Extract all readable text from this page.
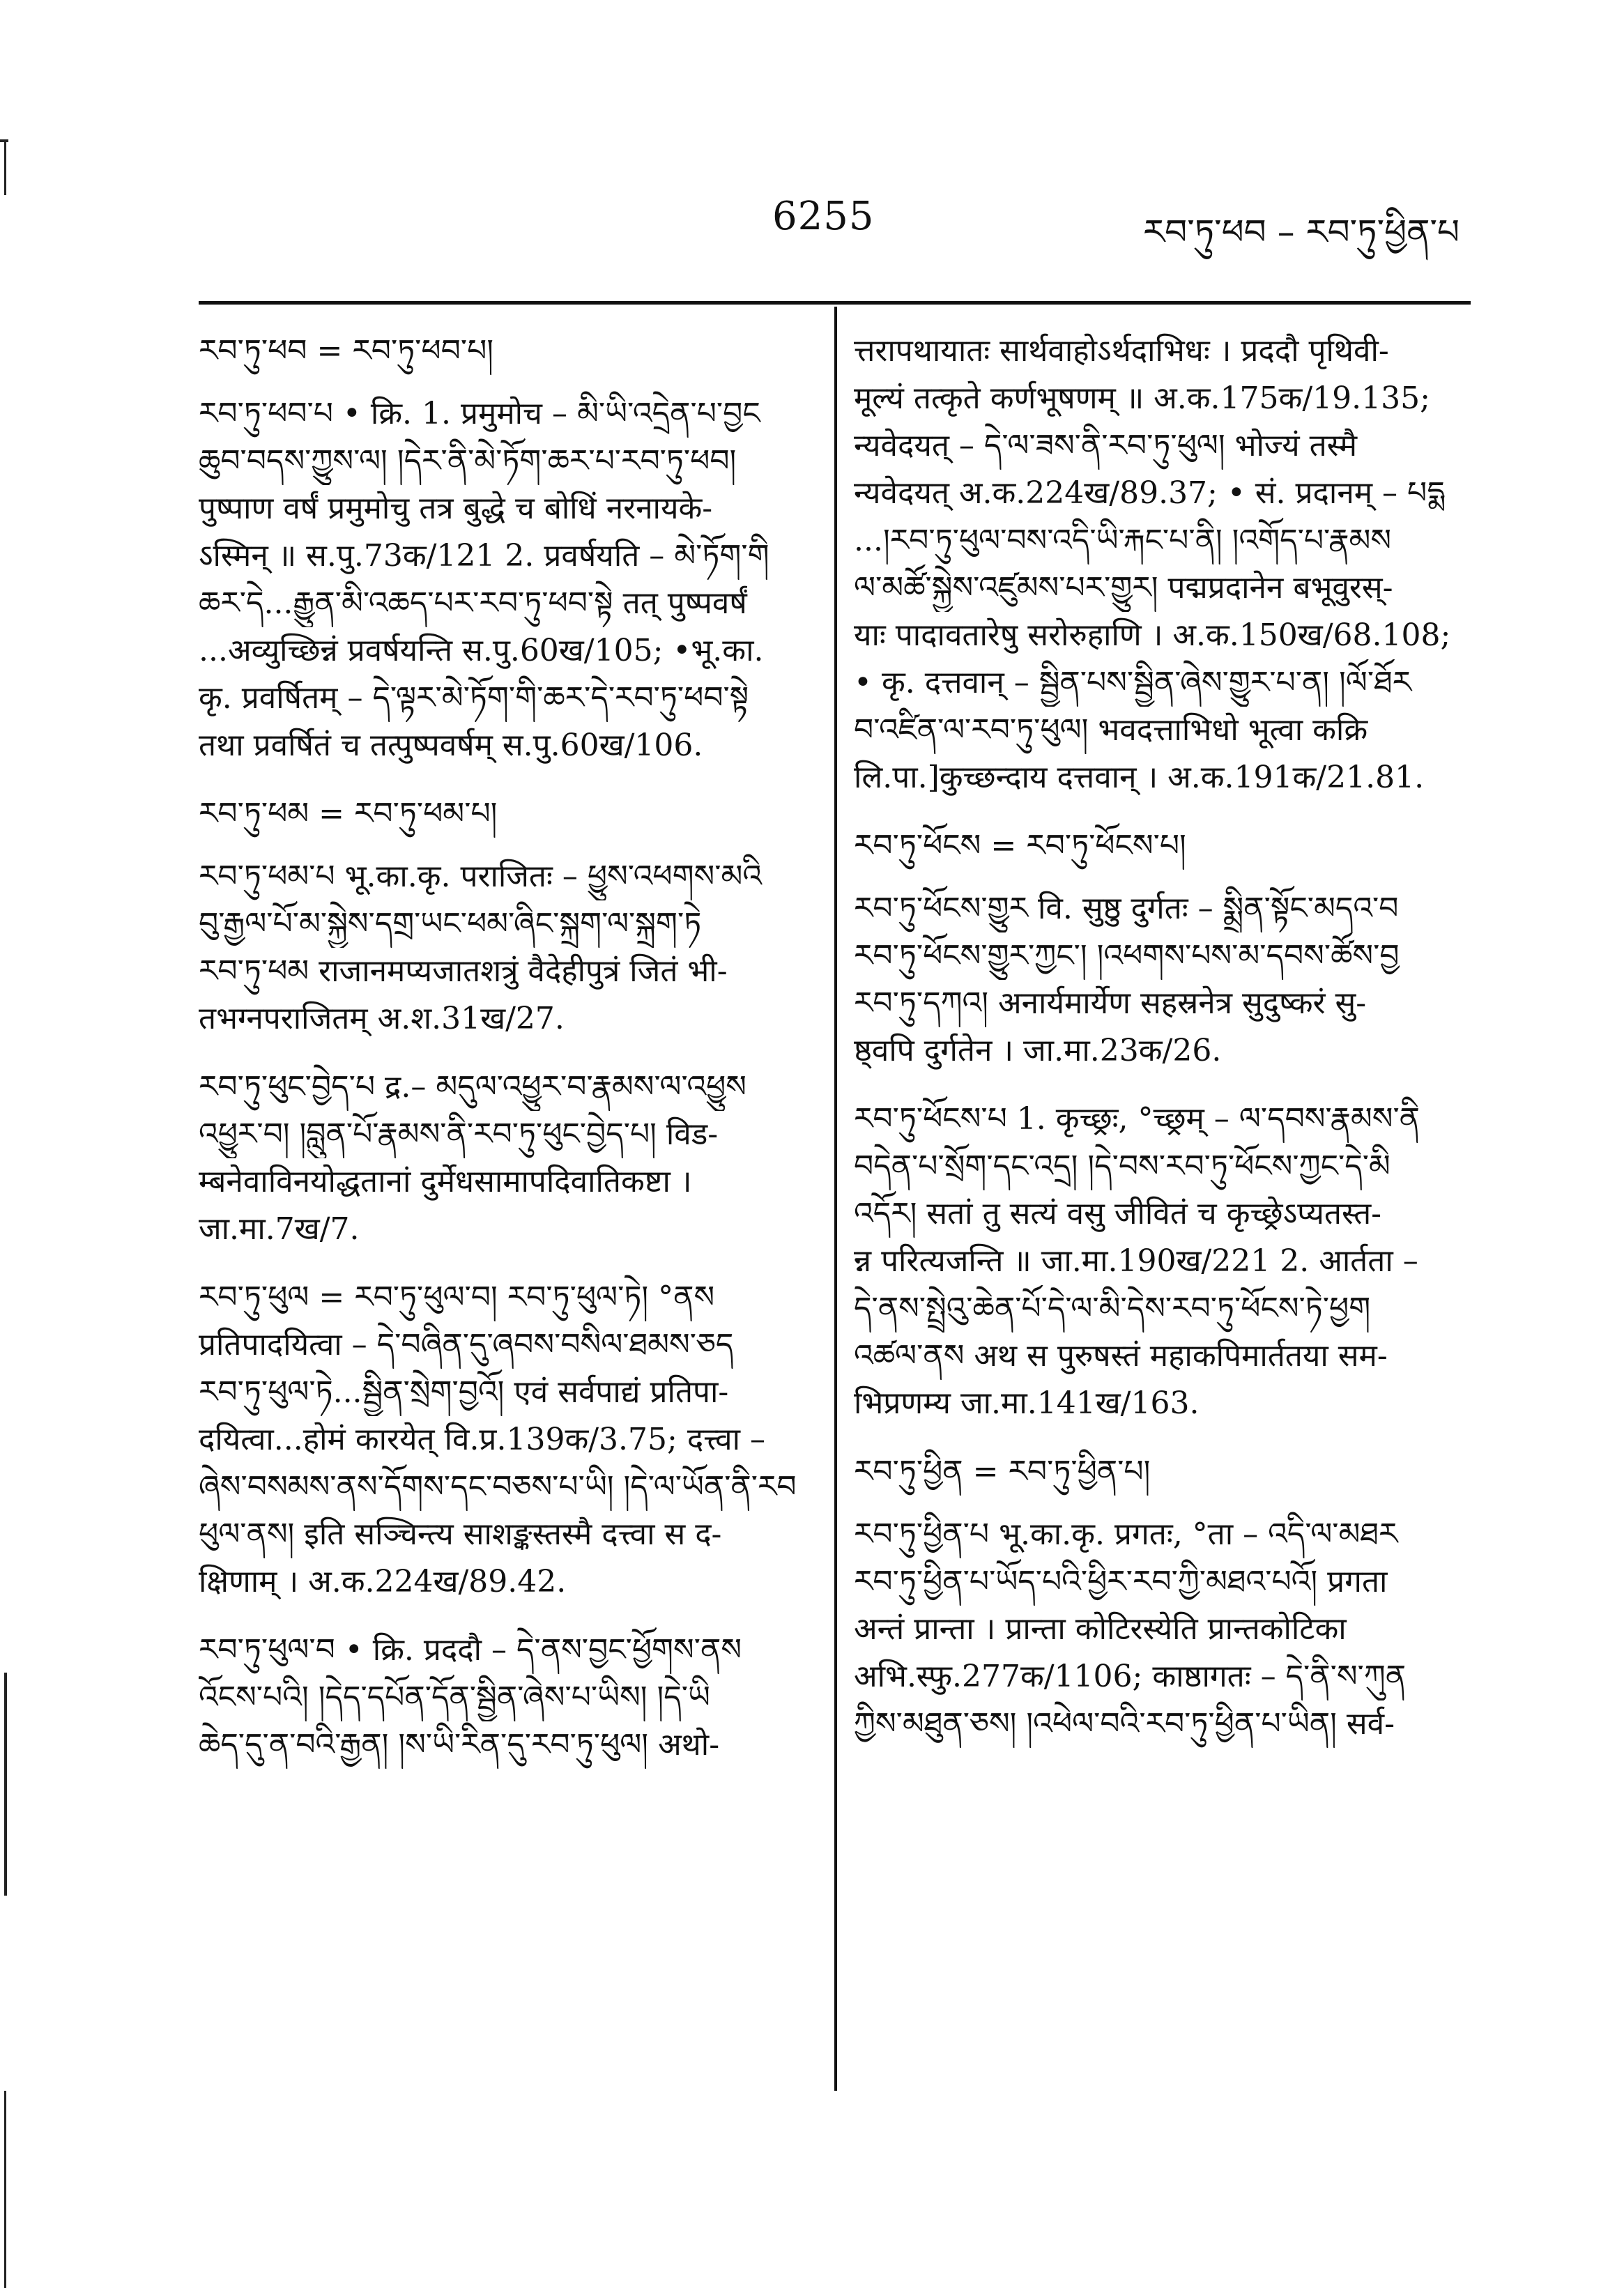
6255	རབ་ཏུ་ཕབ – རབ་ཏུ་ཕྱིན་པ
རབ་ཏུ་ཕབ = རབ་ཏུ་ཕབ་པ།
རབ་ཏུ་ཕབ་པ • क्रि. 1. प्रमुमोच – མི་ཡི་འདྲེན་པ་བྱང
ཆུབ་བདས་ཀྱུས་ལ། །དེར་ནི་མེ་ཏོག་ཆར་པ་རབ་ཏུ་ཕབ།
पुष्पाण वर्षं प्रमुमोचु तत्र बुद्धे च बोधिं नरनायके-
ऽस्मिन् ॥ स.पु.73क/121 2. प्रवर्षयति – མེ་ཏོག་གི
ཆར་དེ...རྒྱུན་མི་འཆད་པར་རབ་ཏུ་ཕབ་སྟེ तत् पुष्पवर्षं
...अव्युच्छिन्नं प्रवर्षयन्ति स.पु.60ख/105; •भू.का.
कृ. प्रवर्षितम् – དེ་ལྟར་མེ་ཏོག་གི་ཆར་དེ་རབ་ཏུ་ཕབ་སྟེ
तथा प्रवर्षितं च तत्पुष्पवर्षम् स.पु.60ख/106.
རབ་ཏུ་ཕམ = རབ་ཏུ་ཕམ་པ།
རབ་ཏུ་ཕམ་པ भू.का.कृ. पराजितः – ཕྱུས་འཕགས་མའི
བུ་རྒྱལ་པོ་མ་སྐྱེས་དགྲ་ཡང་ཕམ་ཞིང་སྐྲག་ལ་སྐྲག་ཏེ
རབ་ཏུ་ཕམ राजानमप्यजातशत्रुं वैदेहीपुत्रं जितं भी-
तभग्नपराजितम् अ.श.31ख/27.
རབ་ཏུ་ཕུང་བྱེད་པ द्र.– མདུལ་འཕྱུར་བ་རྣམས་ལ་འཕྱུས
འཕྱུར་བ། །བླུན་པོ་རྣམས་ནི་རབ་ཏུ་ཕུང་བྱེད་པ། विड-
म्बनेवाविनयोद्धतानां दुर्मेधसामापदिवातिकष्टा ।
जा.मा.7ख/7.
རབ་ཏུ་ཕུལ = རབ་ཏུ་ཕུལ་བ། རབ་ཏུ་ཕུལ་ཏེ། °ནས
प्रतिपादयित्वा – དེ་བཞིན་དུ་ཞབས་བསིལ་ཐམས་ཅད
རབ་ཏུ་ཕུལ་ཏེ...སྦྱིན་སྲེག་བྱའོ། एवं सर्वपाद्यं प्रतिपा-
दयित्वा...होमं कारयेत् वि.प्र.139क/3.75; दत्त्वा –
ཞེས་བསམས་ནས་དོགས་དང་བཅས་པ་ཡི། །དེ་ལ་ཡོན་ནི་རབ
ཕུལ་ནས། इति सञ्चिन्त्य साशङ्कस्तस्मै दत्त्वा स द-
क्षिणाम् । अ.क.224ख/89.42.
རབ་ཏུ་ཕུལ་བ • क्रि. प्रददौ – དེ་ནས་བྱང་ཕྱོགས་ནས
འོངས་པའི། །དེད་དཔོན་དོན་སྦྱིན་ཞེས་པ་ཡིས། །དེ་ཡི
ཆེད་དུ་ན་བའི་རྒྱན། །ས་ཡི་རིན་དུ་རབ་ཏུ་ཕུལ། अथो-
त्तरापथायातः सार्थवाहोऽर्थदाभिधः । प्रददौ पृथिवी-
मूल्यं तत्कृते कर्णभूषणम् ॥ अ.क.175क/19.135;
न्यवेदयत् – དེ་ལ་ཟས་ནི་རབ་ཏུ་ཕུལ། भोज्यं तस्मै
न्यवेदयत् अ.क.224ख/89.37; • सं. प्रदानम् – པདྨ
...།རབ་ཏུ་ཕུལ་བས་འདི་ཡི་རྐང་པ་ནི། །འགོད་པ་རྣམས
ལ་མཚོ་སྐྱེས་འཛུམས་པར་གྱུར། पद्मप्रदानेन बभूवुरस्-
याः पादावतारेषु सरोरुहाणि । अ.क.150ख/68.108;
• कृ. दत्तवान् – སྦྱིན་པས་སྦྱིན་ཞེས་གྱུར་པ་ན། །ལོ་ཐོར
བ་འཛིན་ལ་རབ་ཏུ་ཕུལ། भवदत्ताभिधो भूत्वा कक्रि
लि.पा.]कुच्छन्दाय दत्तवान् । अ.क.191क/21.81.
རབ་ཏུ་ཕོངས = རབ་ཏུ་ཕོངས་པ།
རབ་ཏུ་ཕོངས་གྱུར वि. सुष्ठु दुर्गतः – སྨྲིན་སྟོང་མདའ་བ
རབ་ཏུ་ཕོངས་གྱུར་ཀྱང་། །འཕགས་པས་མ་དབས་ཚོས་བྱ
རབ་ཏུ་དཀའ། अनार्यमार्येण सहस्रनेत्र सुदुष्करं सु-
ष्ठ्वपि दुर्गतेन । जा.मा.23क/26.
རབ་ཏུ་ཕོངས་པ 1. कृच्छ्रः, °च्छ्रम् – ལ་དབས་རྣམས་ནི
བདེན་པ་སྲོག་དང་འདྲ། །དེ་བས་རབ་ཏུ་ཕོངས་ཀྱང་དེ་མི
འདོར། सतां तु सत्यं वसु जीवितं च कृच्छ्रेऽप्यतस्त-
न्न परित्यजन्ति ॥ जा.मा.190ख/221 2. आर्तता –
དེ་ནས་སྤྲེའུ་ཆེན་པོ་དེ་ལ་མི་དེས་རབ་ཏུ་ཕོངས་ཏེ་ཕྱག
འཚལ་ནས अथ स पुरुषस्तं महाकपिमार्ततया सम-
भिप्रणम्य जा.मा.141ख/163.
རབ་ཏུ་ཕྱིན = རབ་ཏུ་ཕྱིན་པ།
རབ་ཏུ་ཕྱིན་པ भू.का.कृ. प्रगतः, °ता – འདི་ལ་མཐར
རབ་ཏུ་ཕྱིན་པ་ཡོད་པའི་ཕྱིར་རབ་ཀྱི་མཐའ་པའོ། प्रगता
अन्तं प्रान्ता । प्रान्ता कोटिरस्येति प्रान्तकोटिका
अभि.स्फु.277क/1106; काष्ठागतः – དེ་ནི་ས་ཀུན
ཀྱིས་མཐུན་ཅས། །འཕེལ་བའི་རབ་ཏུ་ཕྱིན་པ་ཡིན། सर्व-
